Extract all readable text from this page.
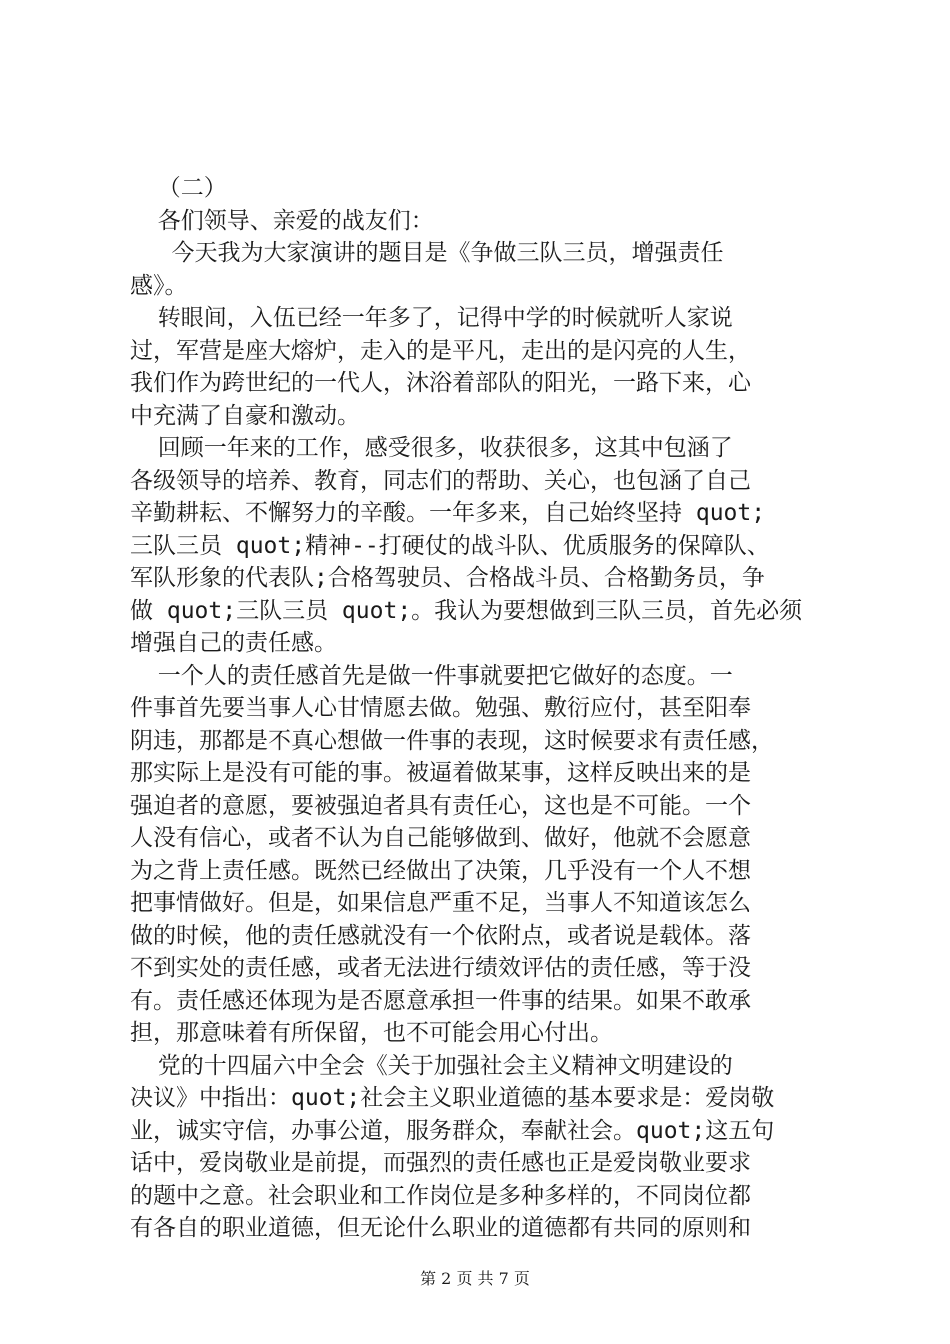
（二）
各们领导、亲爱的战友们：
今天我为大家演讲的题目是《争做三队三员，增强责任
感》。
转眼间，入伍已经一年多了，记得中学的时候就听人家说
过，军营是座大熔炉，走入的是平凡，走出的是闪亮的人生，
我们作为跨世纪的一代人，沐浴着部队的阳光，一路下来，心
中充满了自豪和激动。
回顾一年来的工作，感受很多，收获很多，这其中包涵了
各级领导的培养、教育，同志们的帮助、关心，也包涵了自己
辛勤耕耘、不懈努力的辛酸。一年多来，自己始终坚持 quot;
三队三员 quot;精神--打硬仗的战斗队、优质服务的保障队、
军队形象的代表队;合格驾驶员、合格战斗员、合格勤务员，争
做 quot;三队三员 quot;。我认为要想做到三队三员，首先必须
增强自己的责任感。
一个人的责任感首先是做一件事就要把它做好的态度。一
件事首先要当事人心甘情愿去做。勉强、敷衍应付，甚至阳奉
阴违，那都是不真心想做一件事的表现，这时候要求有责任感，
那实际上是没有可能的事。被逼着做某事，这样反映出来的是
强迫者的意愿，要被强迫者具有责任心，这也是不可能。一个
人没有信心，或者不认为自己能够做到、做好，他就不会愿意
为之背上责任感。既然已经做出了决策，几乎没有一个人不想
把事情做好。但是，如果信息严重不足，当事人不知道该怎么
做的时候，他的责任感就没有一个依附点，或者说是载体。落
不到实处的责任感，或者无法进行绩效评估的责任感，等于没
有。责任感还体现为是否愿意承担一件事的结果。如果不敢承
担，那意味着有所保留，也不可能会用心付出。
党的十四届六中全会《关于加强社会主义精神文明建设的
决议》中指出：quot;社会主义职业道德的基本要求是：爱岗敬
业，诚实守信，办事公道，服务群众，奉献社会。quot;这五句
话中，爱岗敬业是前提，而强烈的责任感也正是爱岗敬业要求
的题中之意。社会职业和工作岗位是多种多样的，不同岗位都
有各自的职业道德，但无论什么职业的道德都有共同的原则和
第 2 页 共 7 页
